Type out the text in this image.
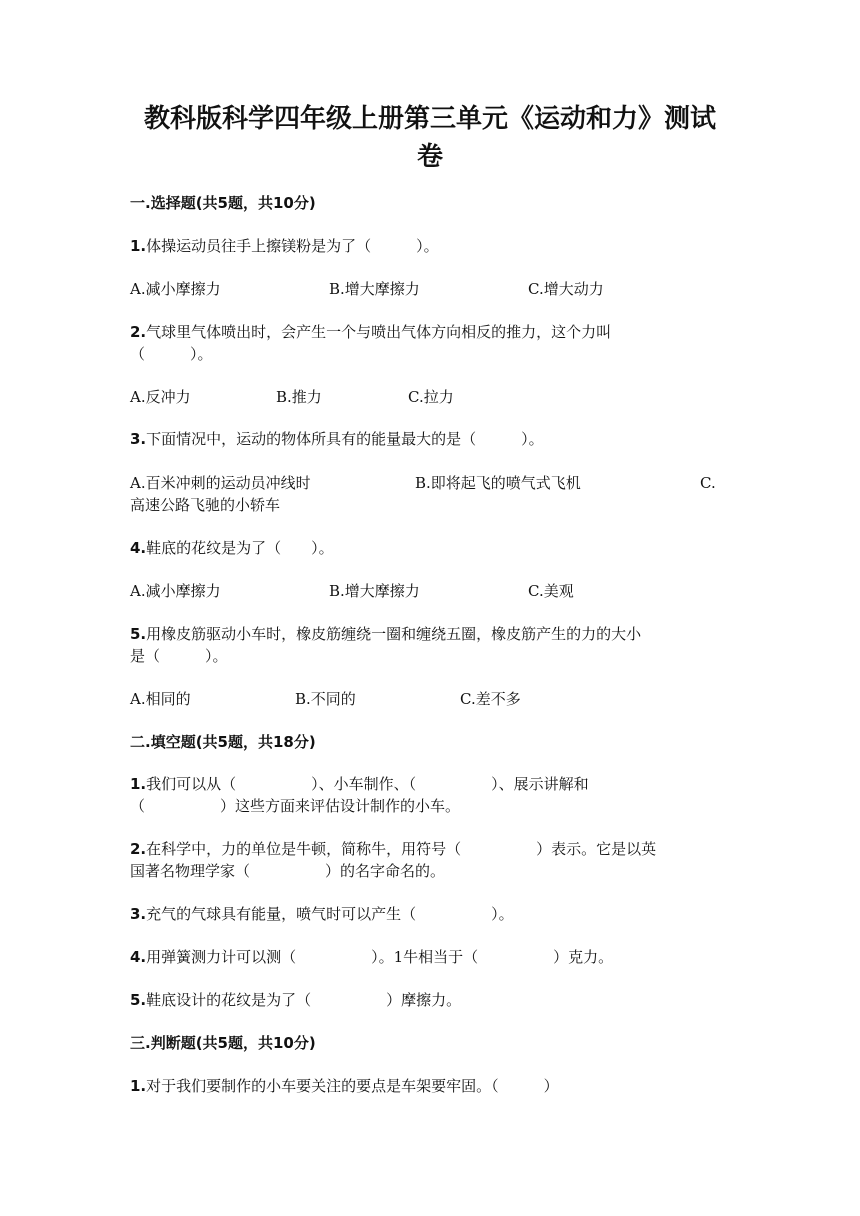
教科版科学四年级上册第三单元《运动和力》测试
卷
一.选择题(共5题，共10分)
1.体操运动员往手上擦镁粉是为了（　　　）。
A.减小摩擦力	B.增大摩擦力	C.增大动力
2.气球里气体喷出时，会产生一个与喷出气体方向相反的推力，这个力叫
（　　　）。
A.反冲力	B.推力	C.拉力
3.下面情况中，运动的物体所具有的能量最大的是（　　　）。
A.百米冲刺的运动员冲线时	B.即将起飞的喷气式飞机	C.
高速公路飞驰的小轿车
4.鞋底的花纹是为了（　　）。
A.减小摩擦力	B.增大摩擦力	C.美观
5.用橡皮筋驱动小车时，橡皮筋缠绕一圈和缠绕五圈，橡皮筋产生的力的大小
是（　　　）。
A.相同的	B.不同的	C.差不多
二.填空题(共5题，共18分)
1.我们可以从（　　　　　）、小车制作、（　　　　　）、展示讲解和
（　　　　　）这些方面来评估设计制作的小车。
2.在科学中，力的单位是牛顿，简称牛，用符号（　　　　　）表示。它是以英
国著名物理学家（　　　　　）的名字命名的。
3.充气的气球具有能量，喷气时可以产生（　　　　　）。
4.用弹簧测力计可以测（　　　　　）。1牛相当于（　　　　　）克力。
5.鞋底设计的花纹是为了（　　　　　）摩擦力。
三.判断题(共5题，共10分)
1.对于我们要制作的小车要关注的要点是车架要牢固。（　　　）
